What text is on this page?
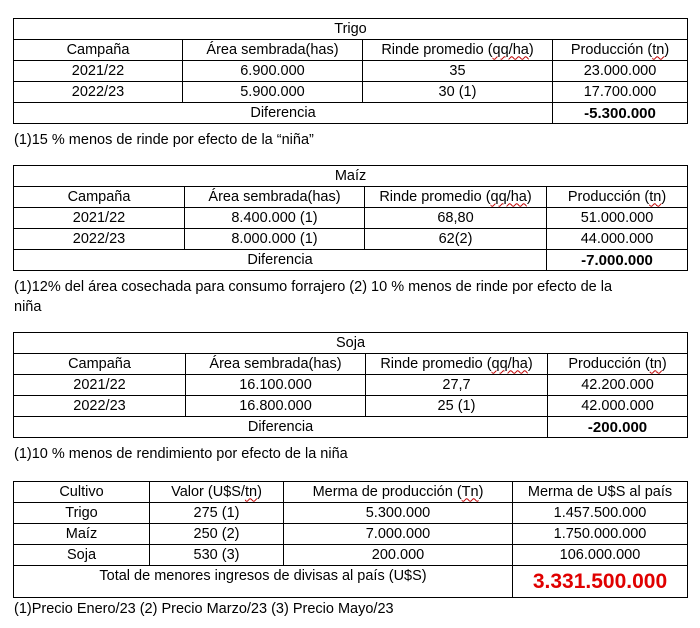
Trigo			
Campaña	Área sembrada(has)	Rinde promedio (qq/ha)	Producción (tn)
2021/22	6.900.000	35	23.000.000
2022/23	5.900.000	30 (1)	17.700.000
Diferencia			-5.300.000
(1)15 % menos de rinde por efecto de la “niña”
Maíz			
Campaña	Área sembrada(has)	Rinde promedio (qq/ha)	Producción (tn)
2021/22	8.400.000 (1)	68,80	51.000.000
2022/23	8.000.000 (1)	62(2)	44.000.000
Diferencia			-7.000.000
(1)12% del área cosechada para consumo forrajero (2) 10 % menos de rinde por efecto de la
niña
Soja			
Campaña	Área sembrada(has)	Rinde promedio (qq/ha)	Producción (tn)
2021/22	16.100.000	27,7	42.200.000
2022/23	16.800.000	25 (1)	42.000.000
Diferencia			-200.000
(1)10 % menos de rendimiento por efecto de la niña
Cultivo	Valor (U$S/tn)	Merma de producción (Tn)	Merma de U$S al país
Trigo	275 (1)	5.300.000	1.457.500.000
Maíz	250 (2)	7.000.000	1.750.000.000
Soja	530 (3)	200.000	106.000.000
Total de menores ingresos de divisas al país (U$S)			3.331.500.000
(1)Precio Enero/23 (2) Precio Marzo/23 (3) Precio Mayo/23
